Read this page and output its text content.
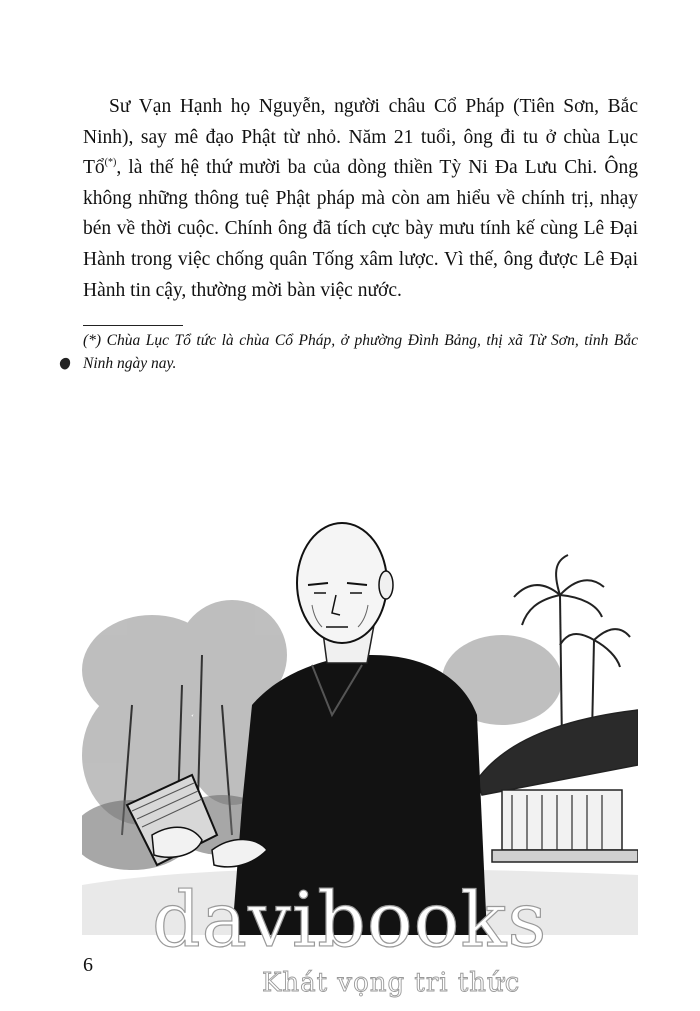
Sư Vạn Hạnh họ Nguyễn, người châu Cổ Pháp (Tiên Sơn, Bắc Ninh), say mê đạo Phật từ nhỏ. Năm 21 tuổi, ông đi tu ở chùa Lục Tổ(*), là thế hệ thứ mười ba của dòng thiền Tỳ Ni Đa Lưu Chi. Ông không những thông tuệ Phật pháp mà còn am hiểu về chính trị, nhạy bén về thời cuộc. Chính ông đã tích cực bày mưu tính kế cùng Lê Đại Hành trong việc chống quân Tống xâm lược. Vì thế, ông được Lê Đại Hành tin cậy, thường mời bàn việc nước.

(*) Chùa Lục Tổ tức là chùa Cổ Pháp, ở phường Đình Bảng, thị xã Từ Sơn, tỉnh Bắc Ninh ngày nay.
6
davibooks
Khát vọng tri thức
